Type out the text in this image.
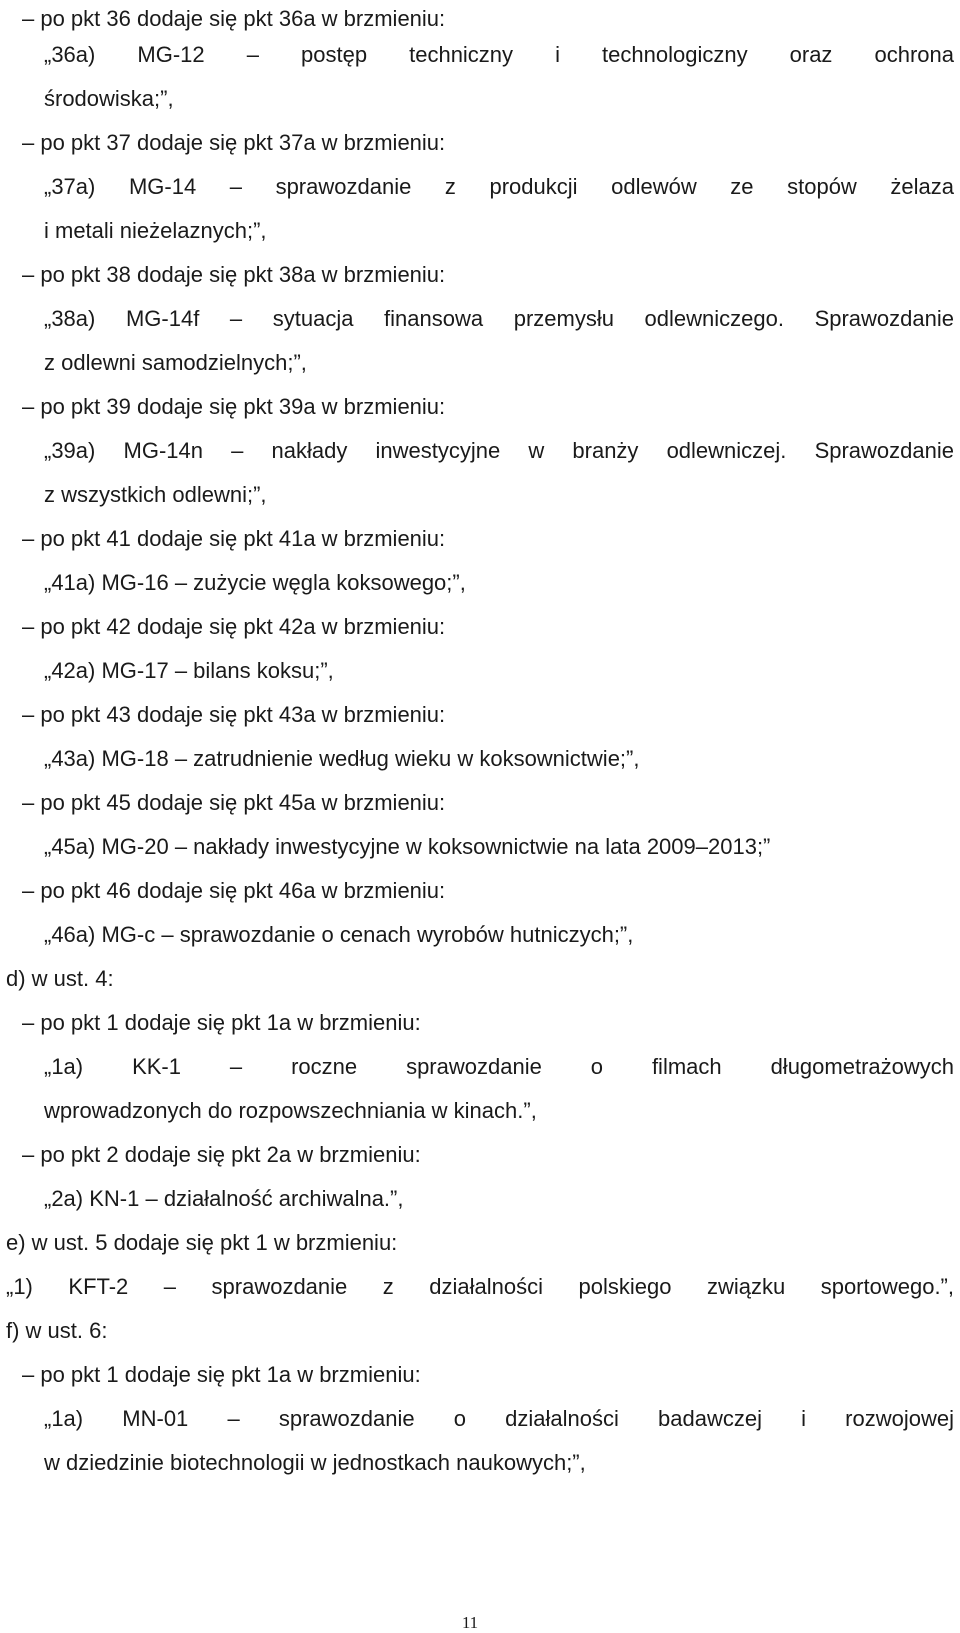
– po pkt 36 dodaje się pkt 36a w brzmieniu:

„36a) MG-12 – postęp techniczny i technologiczny oraz ochrona

środowiska;”,

– po pkt 37 dodaje się pkt 37a w brzmieniu:

„37a) MG-14 – sprawozdanie z produkcji odlewów ze stopów żelaza

i metali nieżelaznych;”,

– po pkt 38 dodaje się pkt 38a w brzmieniu:

„38a) MG-14f – sytuacja finansowa przemysłu odlewniczego. Sprawozdanie

z odlewni samodzielnych;”,

– po pkt 39 dodaje się pkt 39a w brzmieniu:

„39a) MG-14n – nakłady inwestycyjne w branży odlewniczej. Sprawozdanie

z wszystkich odlewni;”,

– po pkt 41 dodaje się pkt 41a w brzmieniu:

„41a) MG-16 – zużycie węgla koksowego;”,

– po pkt 42 dodaje się pkt 42a w brzmieniu:

„42a) MG-17 – bilans koksu;”,

– po pkt 43 dodaje się pkt 43a w brzmieniu:

„43a) MG-18 – zatrudnienie według wieku w koksownictwie;”,

– po pkt 45 dodaje się pkt 45a w brzmieniu:

„45a) MG-20 – nakłady inwestycyjne w koksownictwie na lata 2009–2013;”

– po pkt 46 dodaje się pkt 46a w brzmieniu:

„46a) MG-c – sprawozdanie o cenach wyrobów hutniczych;”,

d) w ust. 4:

– po pkt 1 dodaje się pkt 1a w brzmieniu:

„1a) KK-1 – roczne sprawozdanie o filmach długometrażowych

wprowadzonych do rozpowszechniania w kinach.”,

– po pkt 2 dodaje się pkt 2a w brzmieniu:

„2a) KN-1 – działalność archiwalna.”,

e) w ust. 5 dodaje się pkt 1 w brzmieniu:

„1) KFT-2 – sprawozdanie z działalności polskiego związku sportowego.”,

f) w ust. 6:

– po pkt 1 dodaje się pkt 1a w brzmieniu:

„1a) MN-01 – sprawozdanie o działalności badawczej i rozwojowej

w dziedzinie biotechnologii w jednostkach naukowych;”,

11
